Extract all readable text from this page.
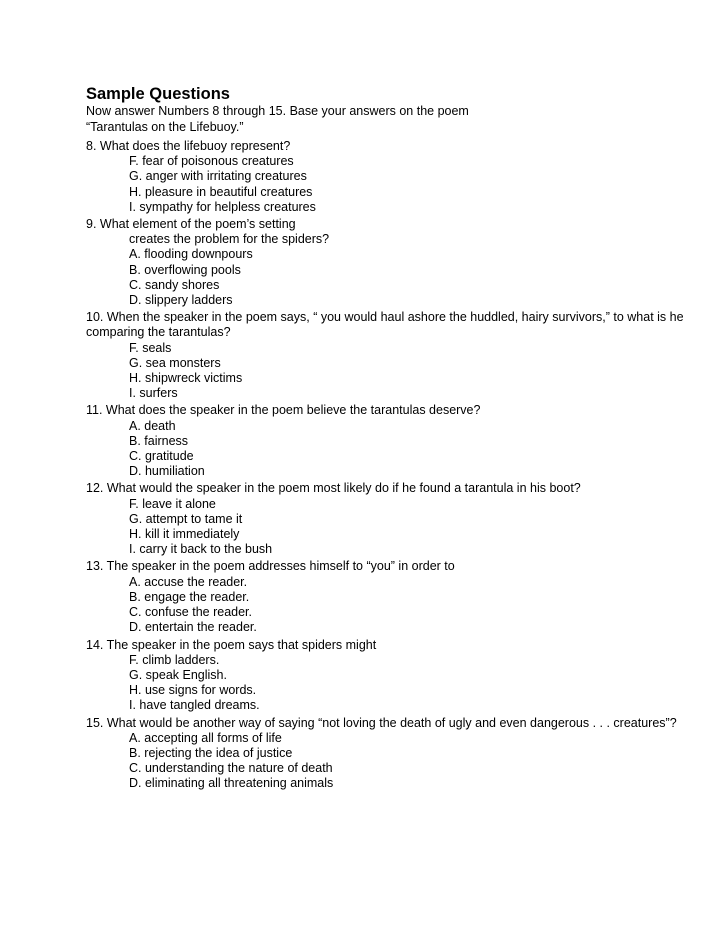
Sample Questions
Now answer Numbers 8 through 15. Base your answers on the poem
“Tarantulas on the Lifebuoy.”

8. What does the lifebuoy represent?

F. fear of poisonous creatures
G. anger with irritating creatures
H. pleasure in beautiful creatures
I. sympathy for helpless creatures

9. What element of the poem’s setting
creates the problem for the spiders?

A. flooding downpours
B. overflowing pools
C. sandy shores
D. slippery ladders

10. When the speaker in the poem says, “ you would haul ashore the huddled, hairy survivors,” to what is he comparing the tarantulas?

F. seals
G. sea monsters
H. shipwreck victims
I. surfers

11. What does the speaker in the poem believe the tarantulas deserve?

A. death
B. fairness
C. gratitude
D. humiliation

12. What would the speaker in the poem most likely do if he found a tarantula in his boot?

F. leave it alone
G. attempt to tame it
H. kill it immediately
I. carry it back to the bush

13. The speaker in the poem addresses himself to “you” in order to

A. accuse the reader.
B. engage the reader.
C. confuse the reader.
D. entertain the reader.

14. The speaker in the poem says that spiders might

F. climb ladders.
G. speak English.
H. use signs for words.
I. have tangled dreams.

15. What would be another way of saying “not loving the death of ugly and even dangerous . . . creatures”?

A. accepting all forms of life
B. rejecting the idea of justice
C. understanding the nature of death
D. eliminating all threatening animals
